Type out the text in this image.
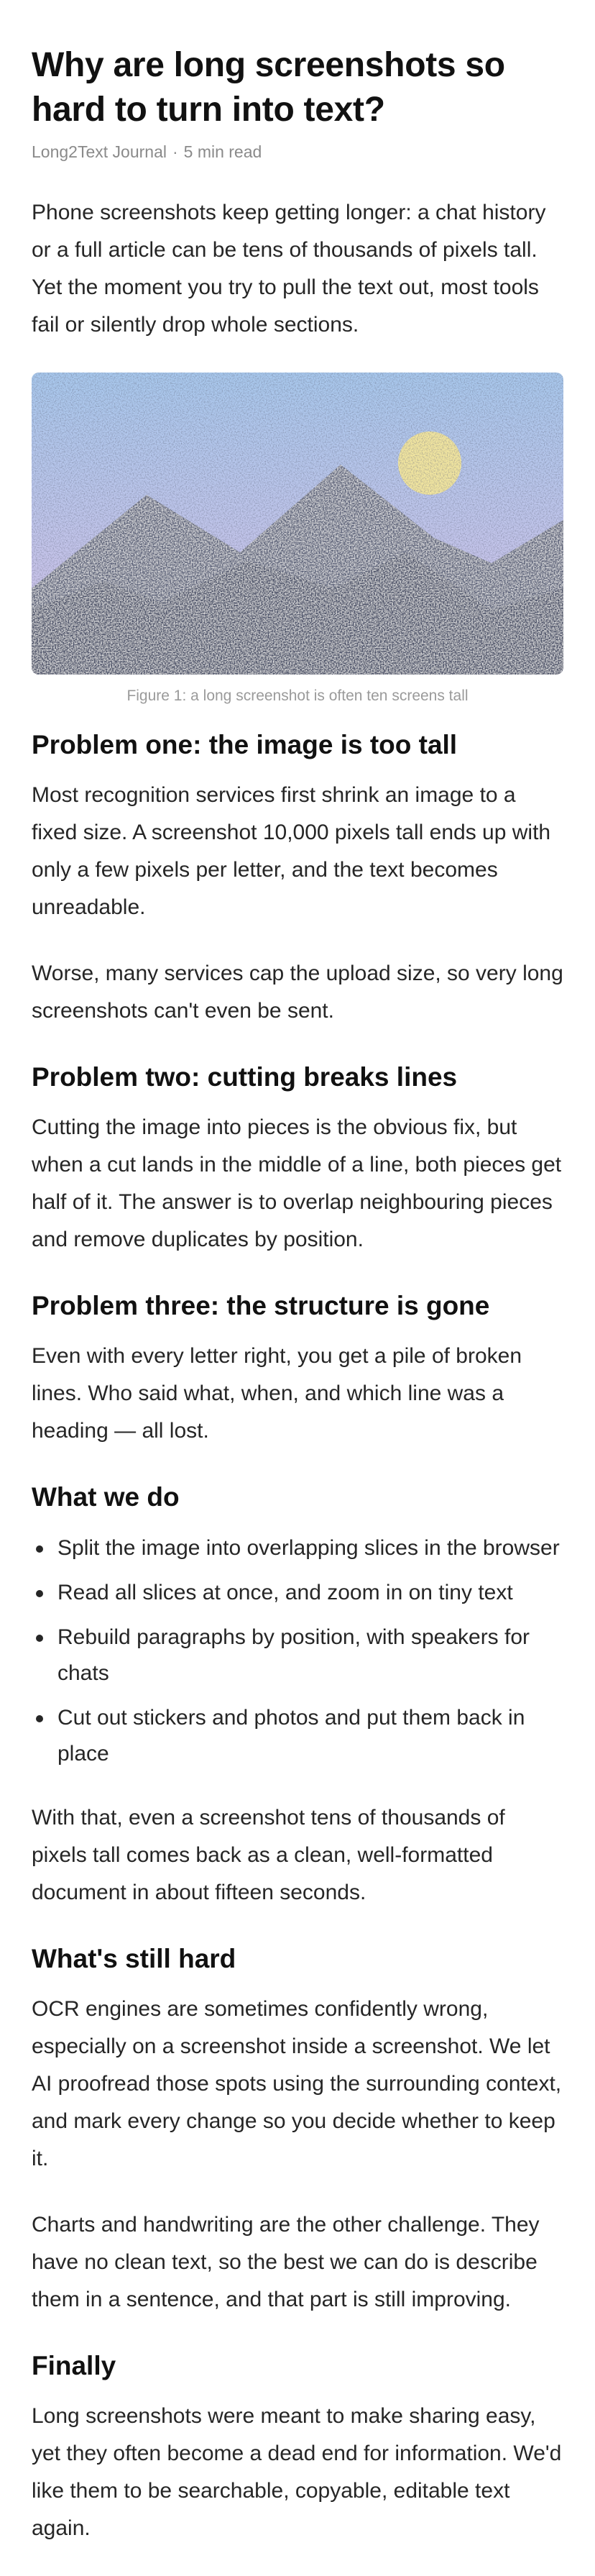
Why are long screenshots so hard to turn into text?
Long2Text Journal · 5 min read

Phone screenshots keep getting longer: a chat history or a full article can be tens of thousands of pixels tall. Yet the moment you try to pull the text out, most tools fail or silently drop whole sections.

Figure 1: a long screenshot is often ten screens tall
Problem one: the image is too tall

Most recognition services first shrink an image to a fixed size. A screenshot 10,000 pixels tall ends up with only a few pixels per letter, and the text becomes unreadable.

Worse, many services cap the upload size, so very long screenshots can't even be sent.

Problem two: cutting breaks lines

Cutting the image into pieces is the obvious fix, but when a cut lands in the middle of a line, both pieces get half of it. The answer is to overlap neighbouring pieces and remove duplicates by position.

Problem three: the structure is gone

Even with every letter right, you get a pile of broken lines. Who said what, when, and which line was a heading — all lost.

What we do
Split the image into overlapping slices in the browser
Read all slices at once, and zoom in on tiny text
Rebuild paragraphs by position, with speakers for chats
Cut out stickers and photos and put them back in place

With that, even a screenshot tens of thousands of pixels tall comes back as a clean, well-formatted document in about fifteen seconds.

What's still hard

OCR engines are sometimes confidently wrong, especially on a screenshot inside a screenshot. We let AI proofread those spots using the surrounding context, and mark every change so you decide whether to keep it.

Charts and handwriting are the other challenge. They have no clean text, so the best we can do is describe them in a sentence, and that part is still improving.

Finally

Long screenshots were meant to make sharing easy, yet they often become a dead end for information. We'd like them to be searchable, copyable, editable text again.
